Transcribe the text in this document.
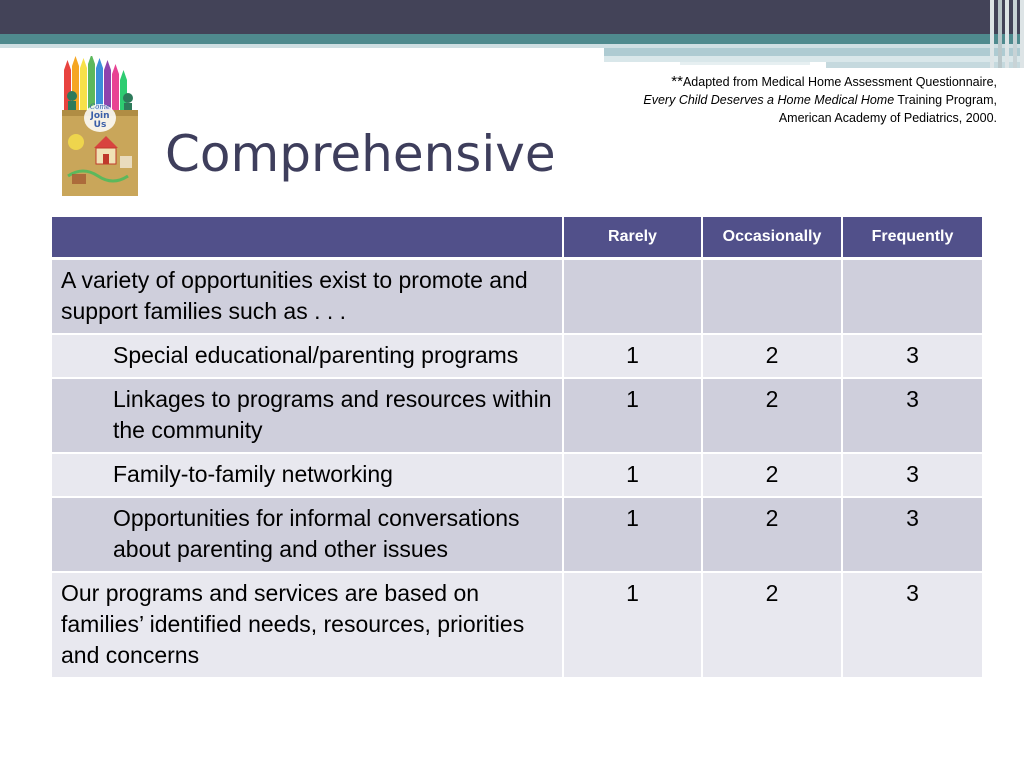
Come
Join
Us Comprehensive
**Adapted from Medical Home Assessment Questionnaire,
Every Child Deserves a Home Medical Home Training Program,
American Academy of Pediatrics, 2000.
	Rarely	Occasionally	Frequently
A variety of opportunities exist to promote and support families such as . . .			

Special educational/parenting programs	1	2	3

Linkages to programs and resources within the community	1	2	3

Family-to-family networking	1	2	3

Opportunities for informal conversations about parenting and other issues	1	2	3
Our programs and services are based on families’ identified needs, resources, priorities and concerns	1	2	3
